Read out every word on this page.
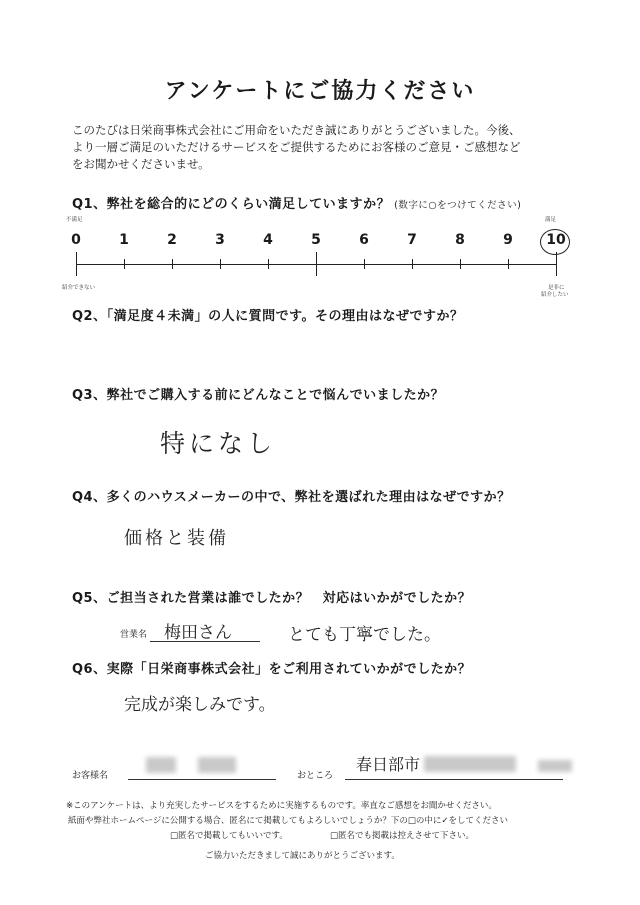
アンケートにご協力ください
このたびは日栄商事株式会社にご用命をいただき誠にありがとうございました。今後、
より一層ご満足のいただけるサービスをご提供するためにお客様のご意見・ご感想など
をお聞かせくださいませ。
Q1、弊社を総合的にどのくらい満足していますか？ (数字に○をつけてください)
不満足	満足
0	1	2	3	4	5	6	7	8	9	10
紹介できない	是非に
紹介したい
Q2、「満足度４未満」の人に質問です。その理由はなぜですか？
Q3、弊社でご購入する前にどんなことで悩んでいましたか？
特になし
Q4、多くのハウスメーカーの中で、弊社を選ばれた理由はなぜですか？
価格と装備
Q5、ご担当された営業は誰でしたか？　対応はいかがでしたか？
営業名 梅田さん	とても丁寧でした。
Q6、実際「日栄商事株式会社」をご利用されていかがでしたか？
完成が楽しみです。
お客様名	おところ
春日部市
※このアンケートは、より充実したサービスをするために実施するものです。率直なご感想をお聞かせください。
紙面や弊社ホームページに公開する場合、匿名にて掲載してもよろしいでしょうか？下の□の中に✓をしてください
□匿名で掲載してもいいです。	□匿名でも掲載は控えさせて下さい。
ご協力いただきまして誠にありがとうございます。
